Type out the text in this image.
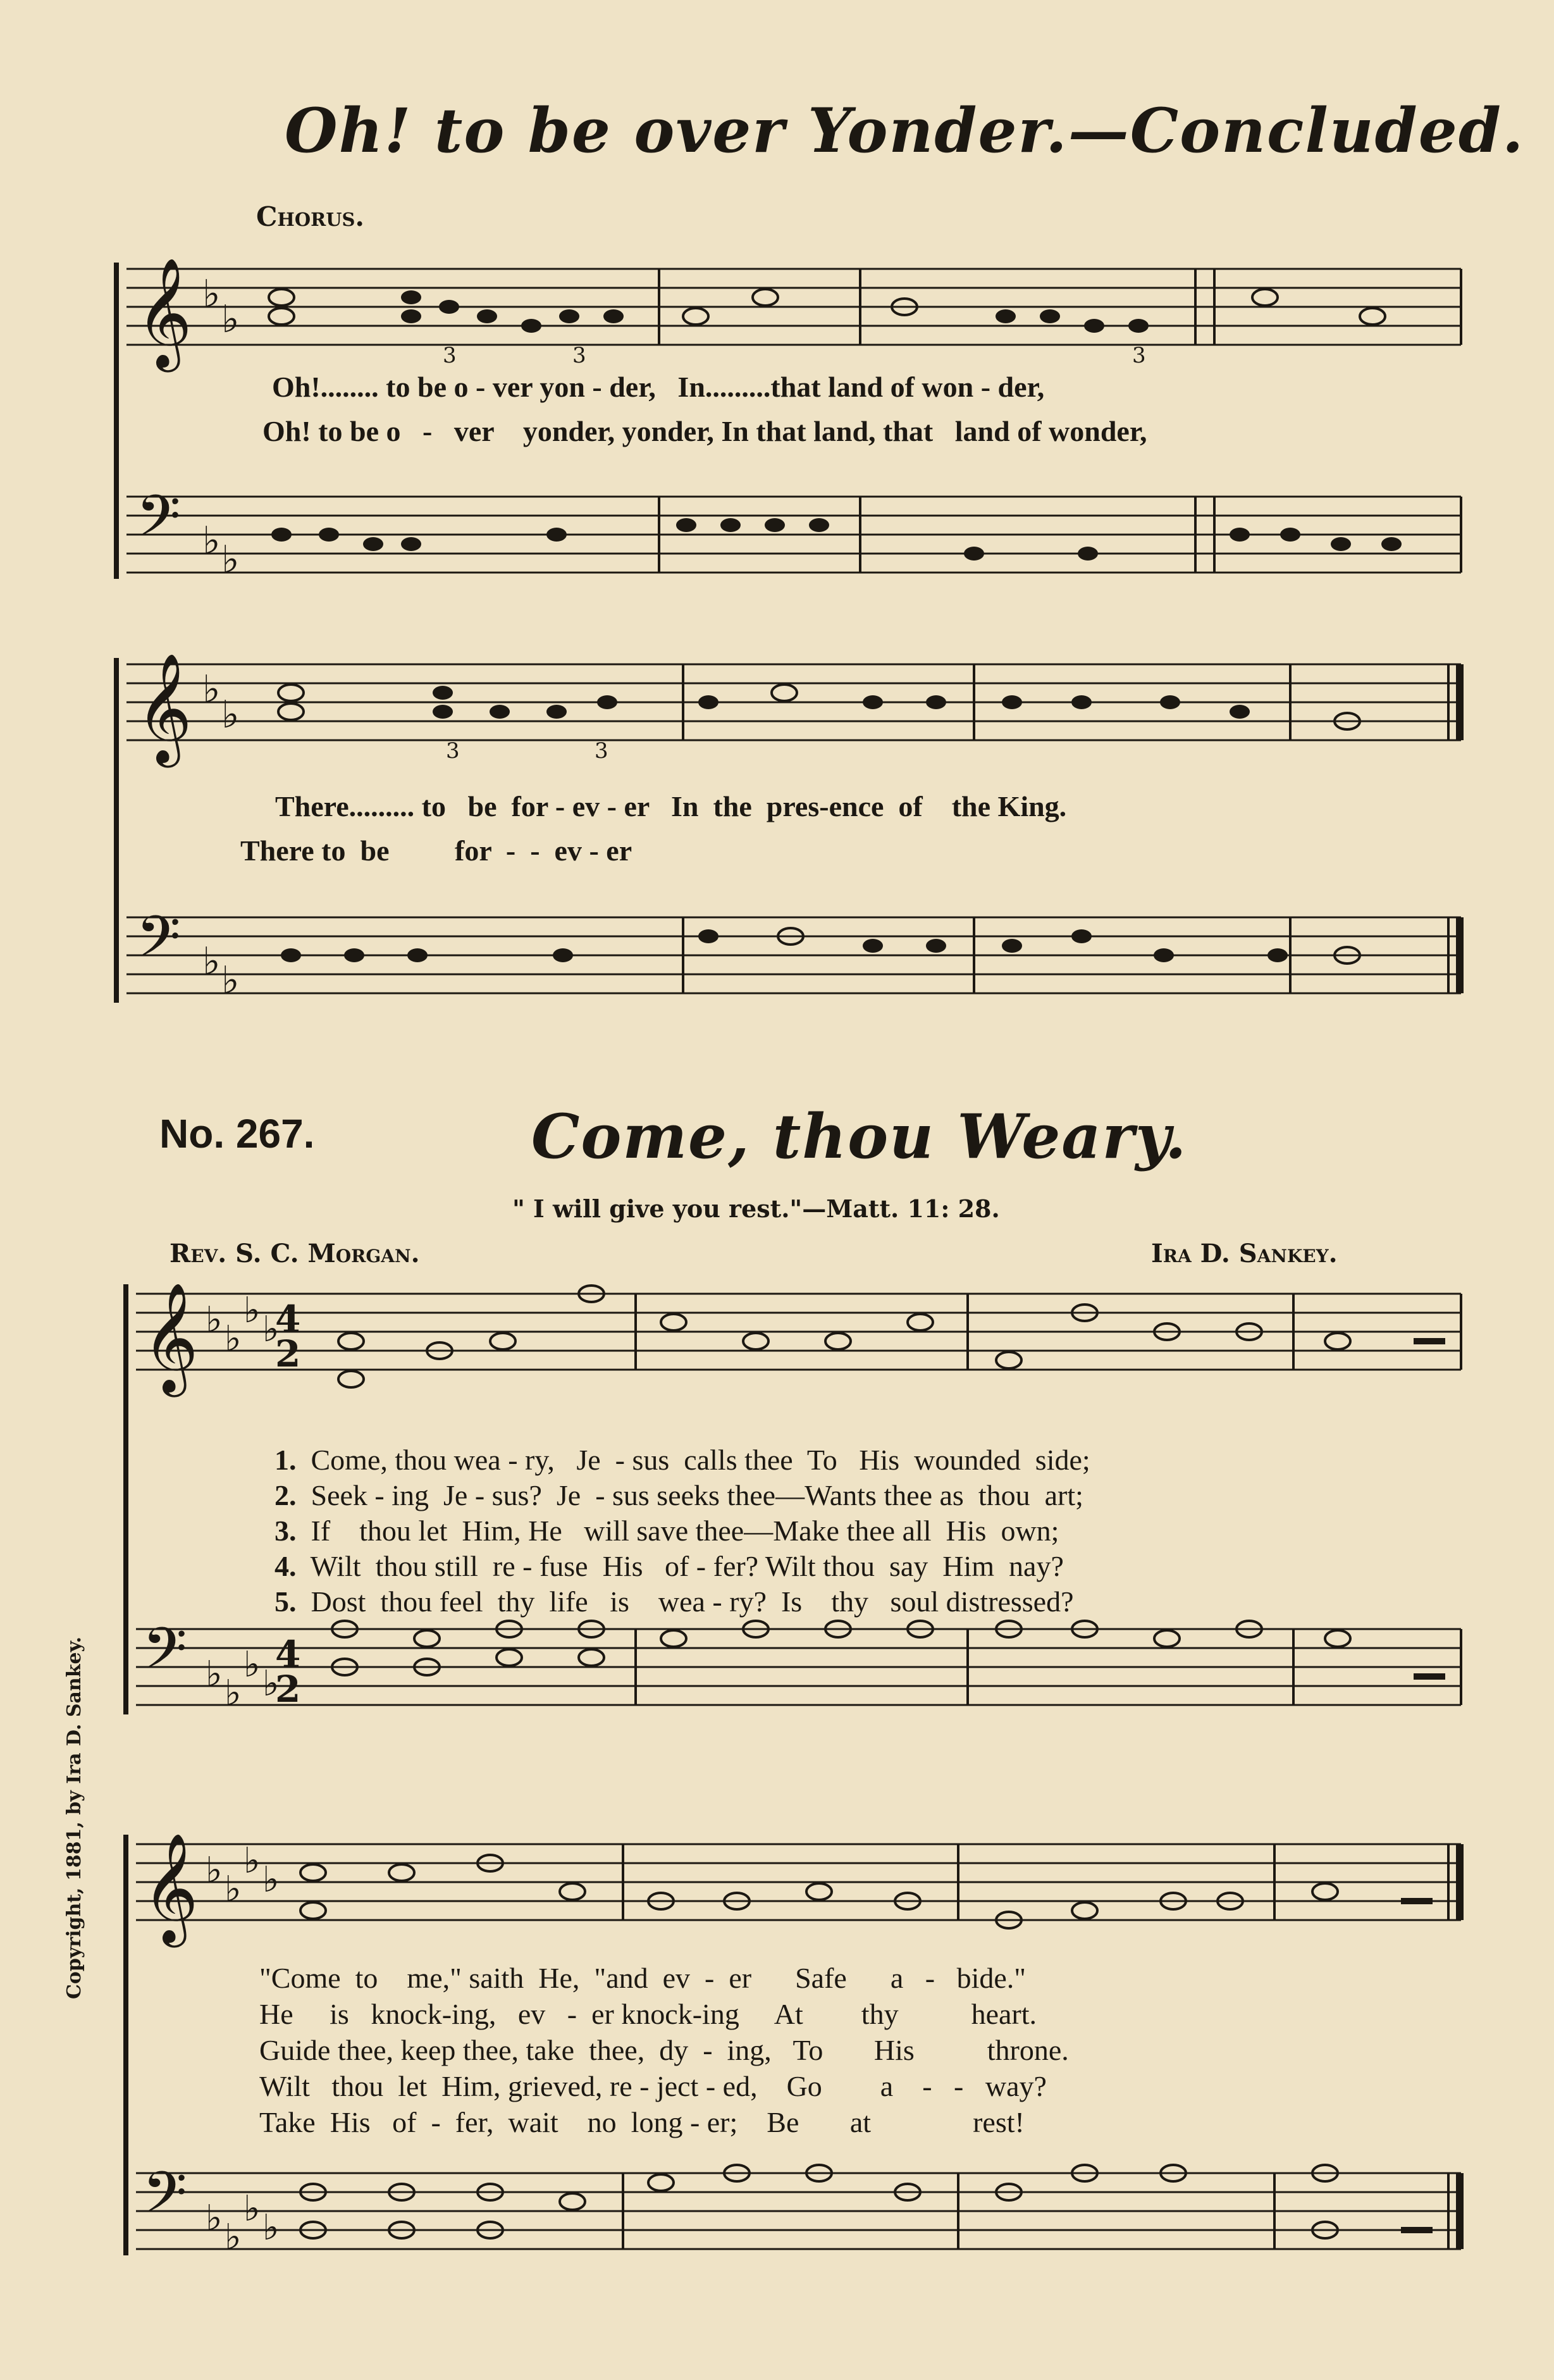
Oh! to be over Yonder.—Concluded.
Chorus.
𝄞 ♭
♭
3	3	3
Oh!........ to be o - ver yon - der,   In.........that land of won - der,
Oh! to be o   -   ver    yonder, yonder, In that land, that   land of wonder,
𝄢 ♭ ♭
𝄞 ♭
♭
3	3
There......... to   be  for - ev - er   In  the  pres-ence  of    the King.
There to  be         for  -  -  ev - er
𝄢 ♭ ♭
No. 267.	Come, thou Weary.
" I will give you rest."—Matt. 11: 28.
Rev. S. C. Morgan.	Ira D. Sankey.
Copyright, 1881, by Ira D. Sankey.
𝄞 ♭ ♭
♭ ♭
4
2

1. Come, thou wea - ry,   Je  - sus  calls thee  To   His  wounded  side;

2. Seek - ing  Je - sus?  Je  - sus seeks thee—Wants thee as  thou  art;

3. If    thou let  Him, He   will save thee—Make thee all  His  own;

4. Wilt  thou still  re - fuse  His   of - fer? Wilt thou  say  Him  nay?

5. Dost  thou feel  thy  life   is    wea - ry?  Is    thy   soul distressed?
𝄢 ♭ ♭
♭ ♭
4
2
𝄞 ♭ ♭
♭ ♭
"Come  to    me," saith  He,  "and  ev  -  er      Safe      a   -   bide."
He     is   knock-ing,   ev   -  er knock-ing     At        thy          heart.
Guide thee, keep thee, take  thee,  dy  -  ing,   To       His          throne.
Wilt   thou  let  Him, grieved, re - ject - ed,    Go        a    -   -   way?
Take  His   of  -  fer,  wait    no  long - er;    Be       at              rest!
𝄢 ♭ ♭
♭ ♭
